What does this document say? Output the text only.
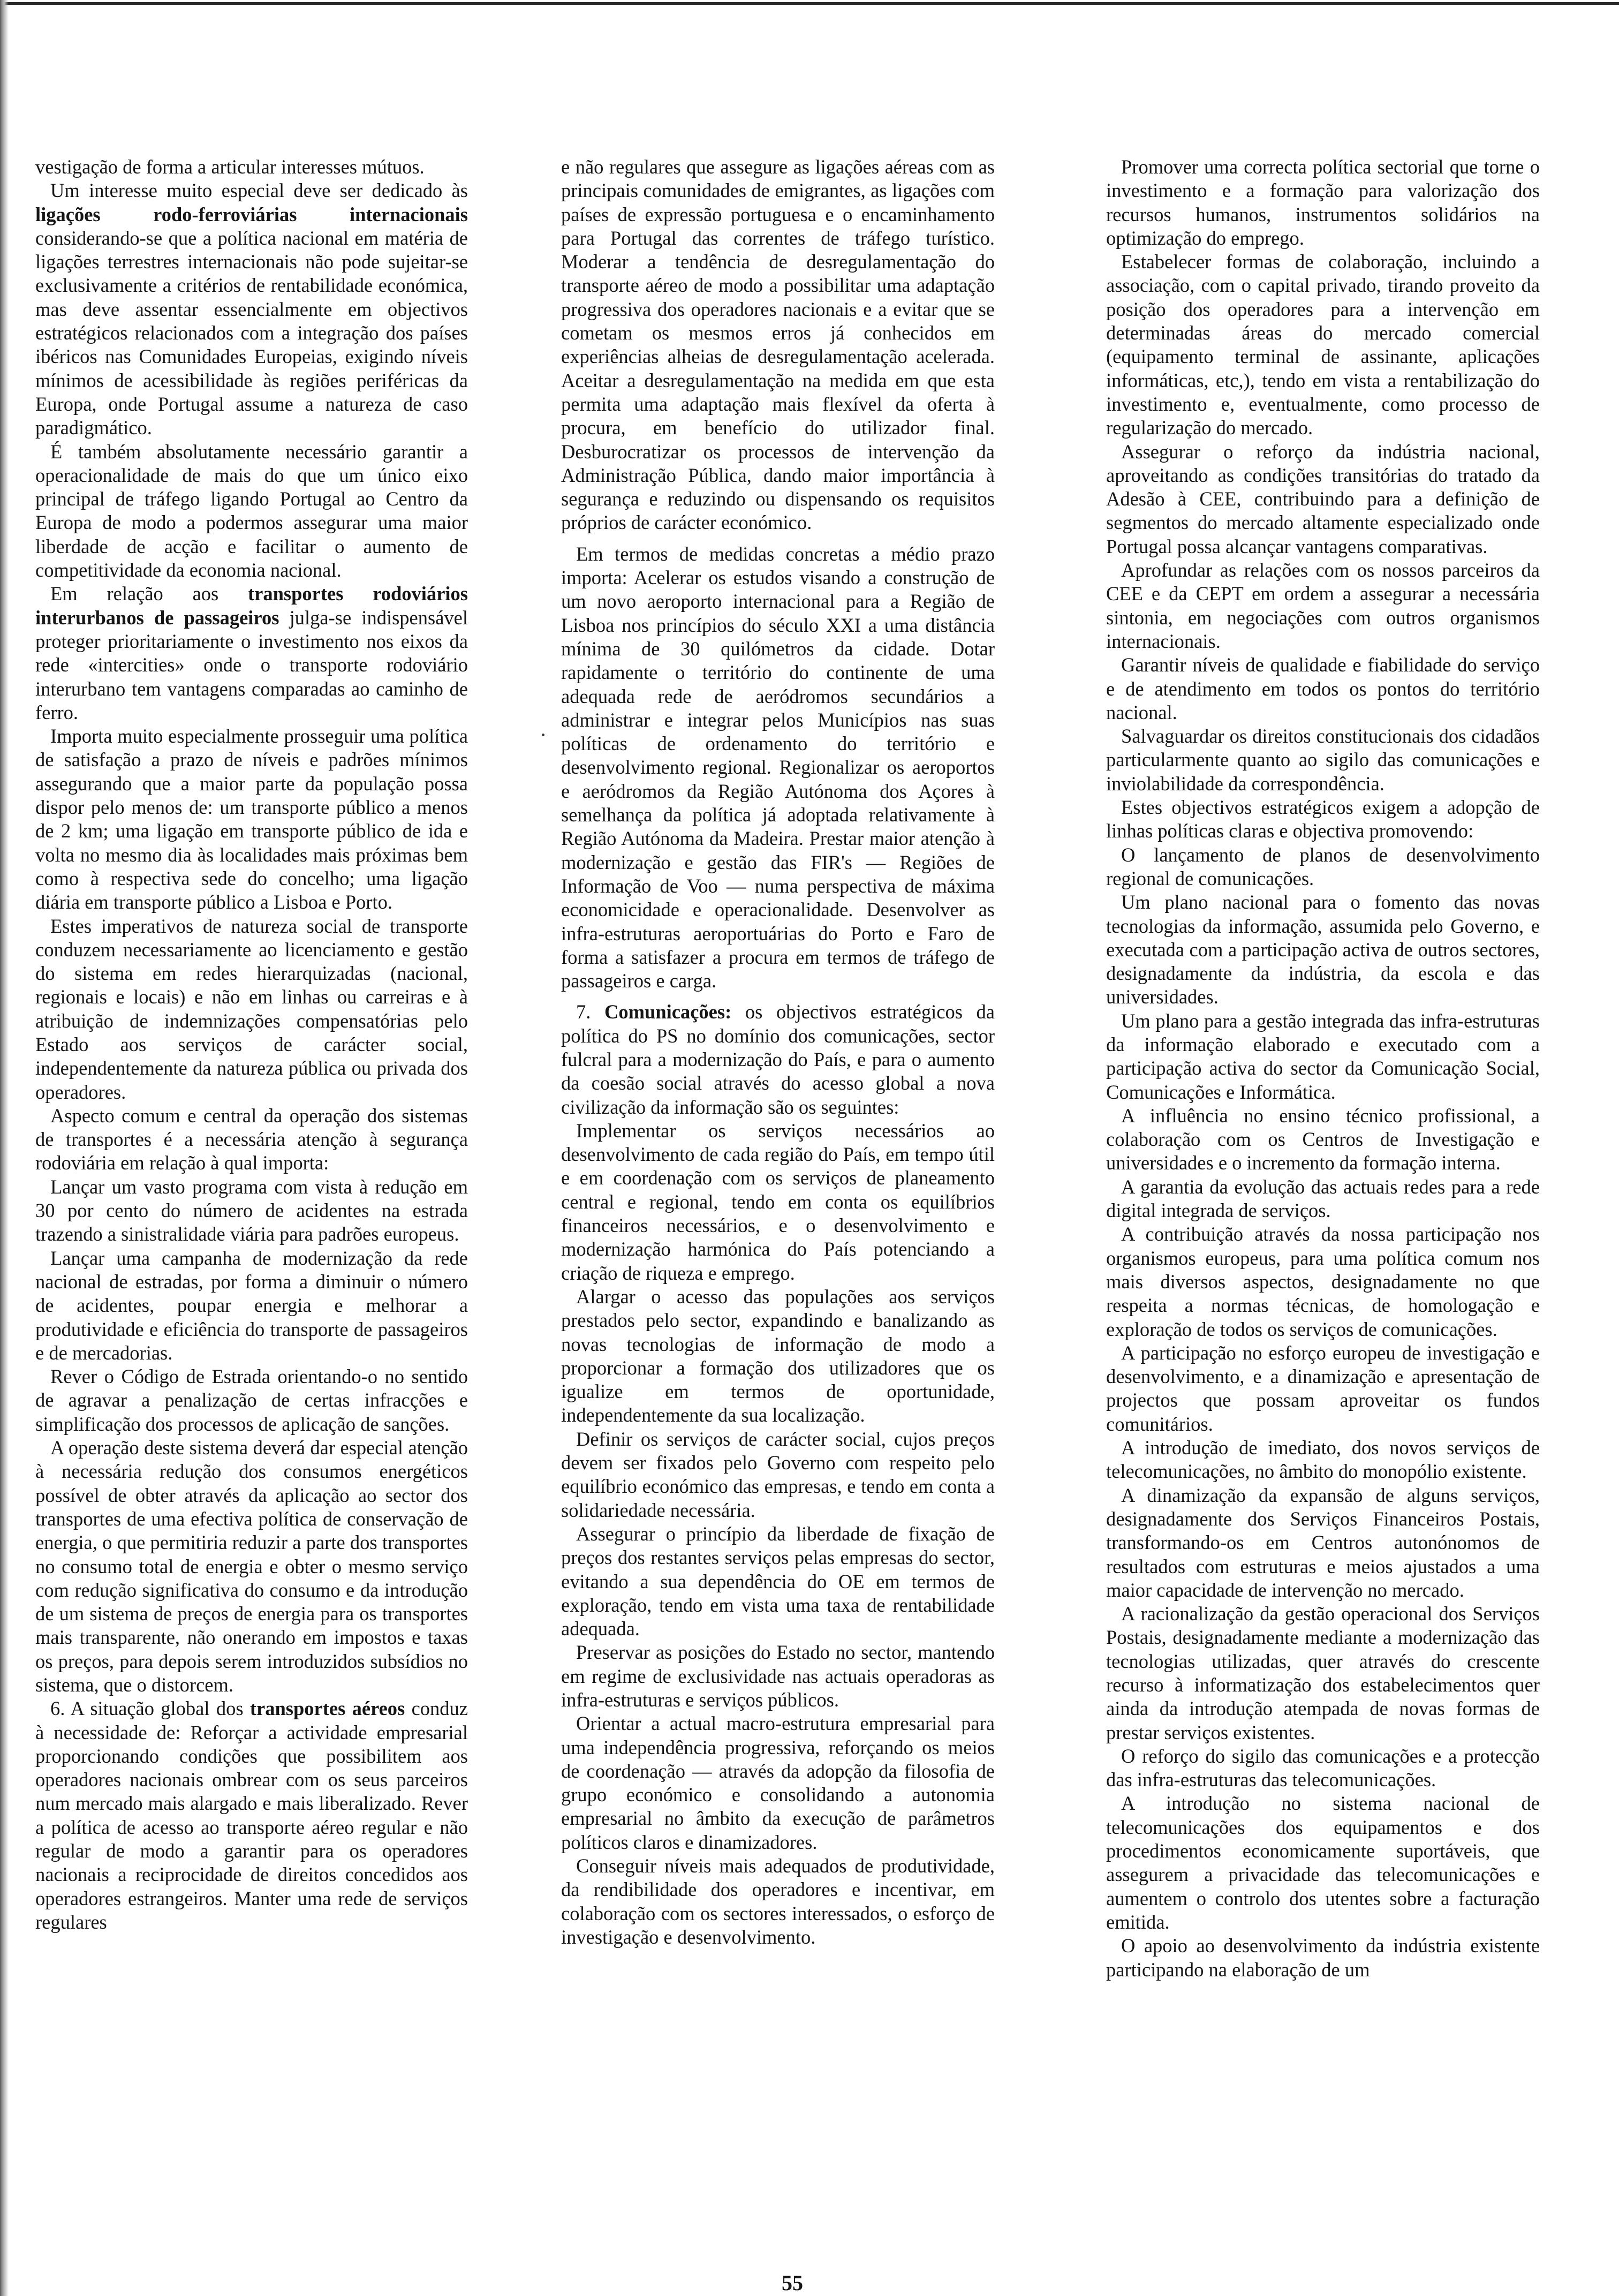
vestigação de forma a articular interesses mútuos.

Um interesse muito especial deve ser dedicado às ligações rodo-ferroviárias internacionais considerando-se que a política nacional em matéria de ligações terrestres internacionais não pode sujeitar-se exclusivamente a critérios de rentabilidade económica, mas deve assentar essencialmente em objectivos estratégicos relacionados com a integração dos países ibéricos nas Comunidades Europeias, exigindo níveis mínimos de acessibilidade às regiões periféricas da Europa, onde Portugal assume a natureza de caso paradigmático.

É também absolutamente necessário garantir a operacionalidade de mais do que um único eixo principal de tráfego ligando Portugal ao Centro da Europa de modo a podermos assegurar uma maior liberdade de acção e facilitar o aumento de competitividade da economia nacional.

Em relação aos transportes rodoviários interurbanos de passageiros julga-se indispensável proteger prioritariamente o investimento nos eixos da rede «intercities» onde o transporte rodoviário interurbano tem vantagens comparadas ao caminho de ferro.

Importa muito especialmente prosseguir uma política de satisfação a prazo de níveis e padrões mínimos assegurando que a maior parte da população possa dispor pelo menos de: um transporte público a menos de 2 km; uma ligação em transporte público de ida e volta no mesmo dia às localidades mais próximas bem como à respectiva sede do concelho; uma ligação diária em transporte público a Lisboa e Porto.

Estes imperativos de natureza social de transporte conduzem necessariamente ao licenciamento e gestão do sistema em redes hierarquizadas (nacional, regionais e locais) e não em linhas ou carreiras e à atribuição de indemnizações compensatórias pelo Estado aos serviços de carácter social, independentemente da natureza pública ou privada dos operadores.

Aspecto comum e central da operação dos sistemas de transportes é a necessária atenção à segurança rodoviária em relação à qual importa:

Lançar um vasto programa com vista à redução em 30 por cento do número de acidentes na estrada trazendo a sinistralidade viária para padrões europeus.

Lançar uma campanha de modernização da rede nacional de estradas, por forma a diminuir o número de acidentes, poupar energia e melhorar a produtividade e eficiência do transporte de passageiros e de mercadorias.

Rever o Código de Estrada orientando-o no sentido de agravar a penalização de certas infracções e simplificação dos processos de aplicação de sanções.

A operação deste sistema deverá dar especial atenção à necessária redução dos consumos energéticos possível de obter através da aplicação ao sector dos transportes de uma efectiva política de conservação de energia, o que permitiria reduzir a parte dos transportes no consumo total de energia e obter o mesmo serviço com redução significativa do consumo e da introdução de um sistema de preços de energia para os transportes mais transparente, não onerando em impostos e taxas os preços, para depois serem introduzidos subsídios no sistema, que o distorcem.

6. A situação global dos transportes aéreos conduz à necessidade de: Reforçar a actividade empresarial proporcionando condições que possibilitem aos operadores nacionais ombrear com os seus parceiros num mercado mais alargado e mais liberalizado. Rever a política de acesso ao transporte aéreo regular e não regular de modo a garantir para os operadores nacionais a reciprocidade de direitos concedidos aos operadores estrangeiros. Manter uma rede de serviços regulares

e não regulares que assegure as ligações aéreas com as principais comunidades de emigrantes, as ligações com países de expressão portuguesa e o encaminhamento para Portugal das correntes de tráfego turístico. Moderar a tendência de desregulamentação do transporte aéreo de modo a possibilitar uma adaptação progressiva dos operadores nacionais e a evitar que se cometam os mesmos erros já conhecidos em experiências alheias de desregulamentação acelerada. Aceitar a desregulamentação na medida em que esta permita uma adaptação mais flexível da oferta à procura, em benefício do utilizador final. Desburocratizar os processos de intervenção da Administração Pública, dando maior importância à segurança e reduzindo ou dispensando os requisitos próprios de carácter económico.

Em termos de medidas concretas a médio prazo importa: Acelerar os estudos visando a construção de um novo aeroporto internacional para a Região de Lisboa nos princípios do século XXI a uma distância mínima de 30 quilómetros da cidade. Dotar rapidamente o território do continente de uma adequada rede de aeródromos secundários a administrar e integrar pelos Municípios nas suas políticas de ordenamento do território e desenvolvimento regional. Regionalizar os aeroportos e aeródromos da Região Autónoma dos Açores à semelhança da política já adoptada relativamente à Região Autónoma da Madeira. Prestar maior atenção à modernização e gestão das FIR's — Regiões de Informação de Voo — numa perspectiva de máxima economicidade e operacionalidade. Desenvolver as infra-estruturas aeroportuárias do Porto e Faro de forma a satisfazer a procura em termos de tráfego de passageiros e carga.

7. Comunicações: os objectivos estratégicos da política do PS no domínio dos comunicações, sector fulcral para a modernização do País, e para o aumento da coesão social através do acesso global a nova civilização da informação são os seguintes:

Implementar os serviços necessários ao desenvolvimento de cada região do País, em tempo útil e em coordenação com os serviços de planeamento central e regional, tendo em conta os equilíbrios financeiros necessários, e o desenvolvimento e modernização harmónica do País potenciando a criação de riqueza e emprego.

Alargar o acesso das populações aos serviços prestados pelo sector, expandindo e banalizando as novas tecnologias de informação de modo a proporcionar a formação dos utilizadores que os igualize em termos de oportunidade, independentemente da sua localização.

Definir os serviços de carácter social, cujos preços devem ser fixados pelo Governo com respeito pelo equilíbrio económico das empresas, e tendo em conta a solidariedade necessária.

Assegurar o princípio da liberdade de fixação de preços dos restantes serviços pelas empresas do sector, evitando a sua dependência do OE em termos de exploração, tendo em vista uma taxa de rentabilidade adequada.

Preservar as posições do Estado no sector, mantendo em regime de exclusividade nas actuais operadoras as infra-estruturas e serviços públicos.

Orientar a actual macro-estrutura empresarial para uma independência progressiva, reforçando os meios de coordenação — através da adopção da filosofia de grupo económico e consolidando a autonomia empresarial no âmbito da execução de parâmetros políticos claros e dinamizadores.

Conseguir níveis mais adequados de produtividade, da rendibilidade dos operadores e incentivar, em colaboração com os sectores interessados, o esforço de investigação e desenvolvimento.

Promover uma correcta política sectorial que torne o investimento e a formação para valorização dos recursos humanos, instrumentos solidários na optimização do emprego.

Estabelecer formas de colaboração, incluindo a associação, com o capital privado, tirando proveito da posição dos operadores para a intervenção em determinadas áreas do mercado comercial (equipamento terminal de assinante, aplicações informáticas, etc,), tendo em vista a rentabilização do investimento e, eventualmente, como processo de regularização do mercado.

Assegurar o reforço da indústria nacional, aproveitando as condições transitórias do tratado da Adesão à CEE, contribuindo para a definição de segmentos do mercado altamente especializado onde Portugal possa alcançar vantagens comparativas.

Aprofundar as relações com os nossos parceiros da CEE e da CEPT em ordem a assegurar a necessária sintonia, em negociações com outros organismos internacionais.

Garantir níveis de qualidade e fiabilidade do serviço e de atendimento em todos os pontos do território nacional.

Salvaguardar os direitos constitucionais dos cidadãos particularmente quanto ao sigilo das comunicações e inviolabilidade da correspondência.

Estes objectivos estratégicos exigem a adopção de linhas políticas claras e objectiva promovendo:

O lançamento de planos de desenvolvimento regional de comunicações.

Um plano nacional para o fomento das novas tecnologias da informação, assumida pelo Governo, e executada com a participação activa de outros sectores, designadamente da indústria, da escola e das universidades.

Um plano para a gestão integrada das infra-estruturas da informação elaborado e executado com a participação activa do sector da Comunicação Social, Comunicações e Informática.

A influência no ensino técnico profissional, a colaboração com os Centros de Investigação e universidades e o incremento da formação interna.

A garantia da evolução das actuais redes para a rede digital integrada de serviços.

A contribuição através da nossa participação nos organismos europeus, para uma política comum nos mais diversos aspectos, designadamente no que respeita a normas técnicas, de homologação e exploração de todos os serviços de comunicações.

A participação no esforço europeu de investigação e desenvolvimento, e a dinamização e apresentação de projectos que possam aproveitar os fundos comunitários.

A introdução de imediato, dos novos serviços de telecomunicações, no âmbito do monopólio existente.

A dinamização da expansão de alguns serviços, designadamente dos Serviços Financeiros Postais, transformando-os em Centros autonónomos de resultados com estruturas e meios ajustados a uma maior capacidade de intervenção no mercado.

A racionalização da gestão operacional dos Serviços Postais, designadamente mediante a modernização das tecnologias utilizadas, quer através do crescente recurso à informatização dos estabelecimentos quer ainda da introdução atempada de novas formas de prestar serviços existentes.

O reforço do sigilo das comunicações e a protecção das infra-estruturas das telecomunicações.

A introdução no sistema nacional de telecomunicações dos equipamentos e dos procedimentos economicamente suportáveis, que assegurem a privacidade das telecomunicações e aumentem o controlo dos utentes sobre a facturação emitida.

O apoio ao desenvolvimento da indústria existente participando na elaboração de um

55
